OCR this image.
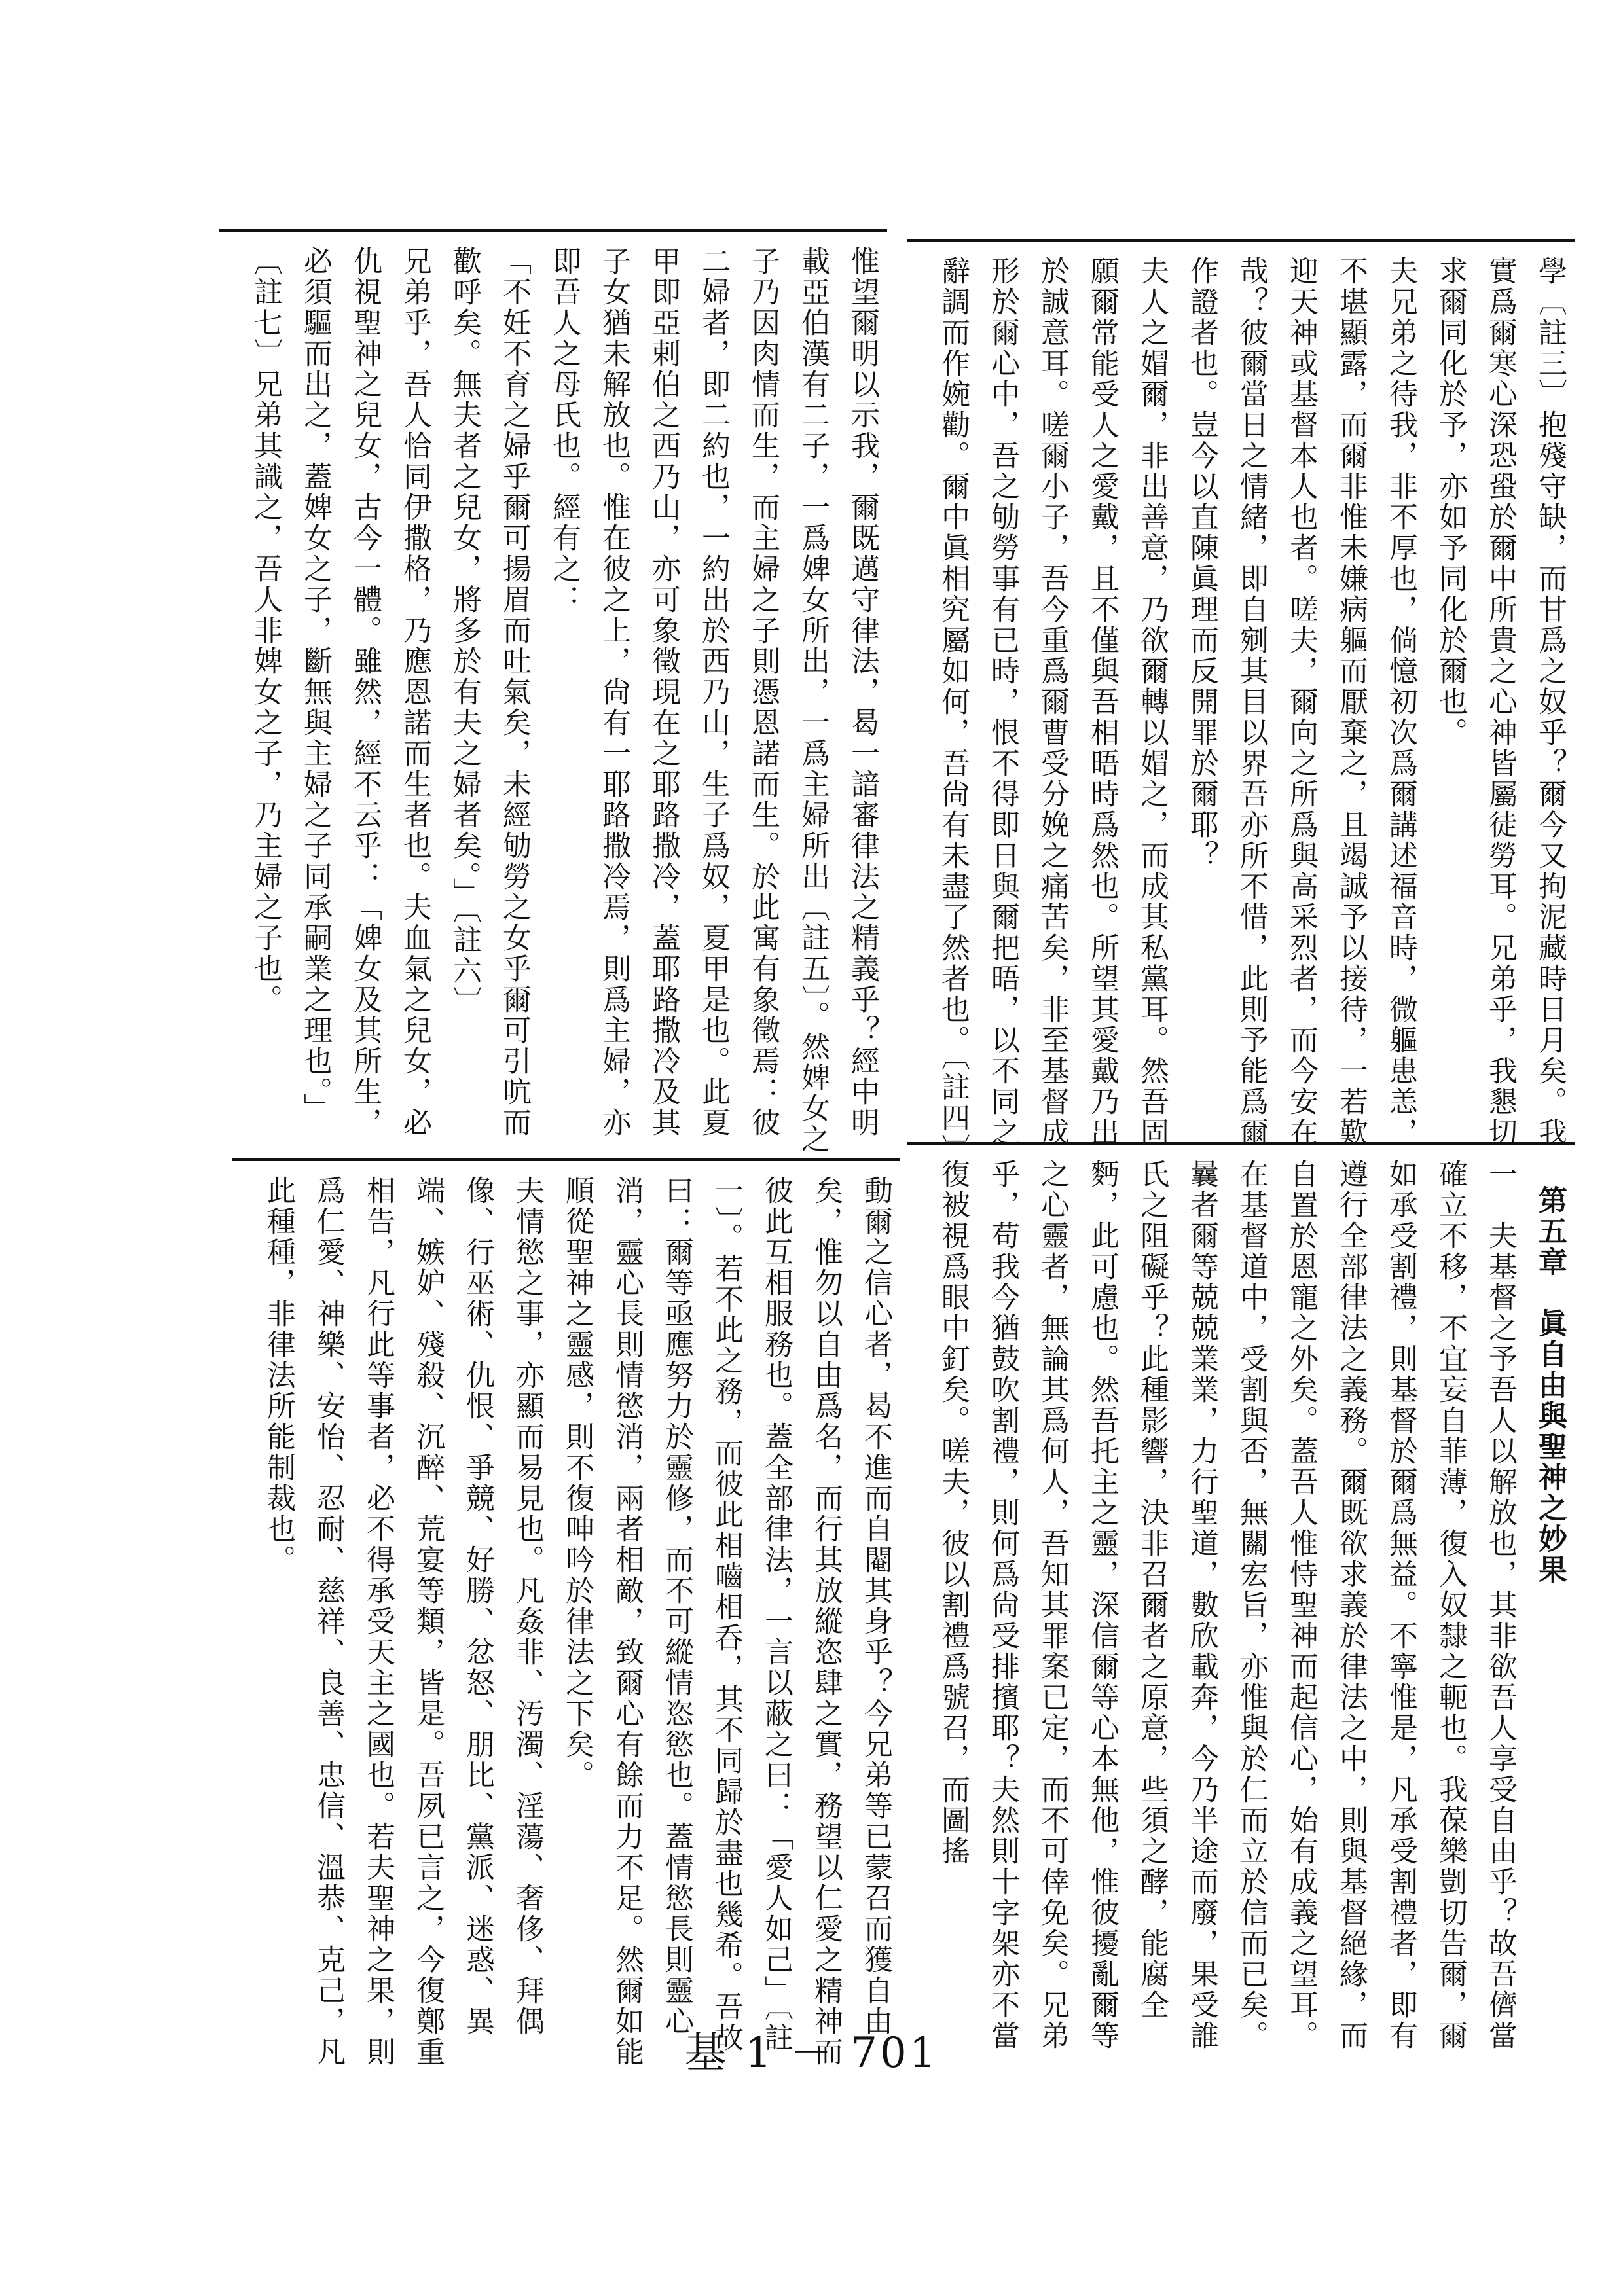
學〔註三〕抱殘守缺，而甘爲之奴乎？爾今又拘泥藏時日月矣。我實爲爾寒心深恐蛩於爾中所貴之心神皆屬徒勞耳。兄弟乎，我懇切求爾同化於予，亦如予同化於爾也。

夫兄弟之待我，非不厚也，倘憶初次爲爾講述福音時，微軀患恙，不堪顯露，而爾非惟未嫌病軀而厭棄之，且竭誠予以接待，一若歎迎天神或基督本人也者。嗟夫，爾向之所爲與高采烈者，而今安在哉？彼爾當日之情緒，即自剜其目以界吾亦所不惜，此則予能爲爾作證者也。豈今以直陳眞理而反開罪於爾耶？

夫人之媢爾，非出善意，乃欲爾轉以媢之，而成其私黨耳。然吾固願爾常能受人之愛戴，且不僅與吾相晤時爲然也。所望其愛戴乃出於誠意耳。嗟爾小子，吾今重爲爾曹受分娩之痛苦矣，非至基督成形於爾心中，吾之劬勞事有已時，恨不得即日與爾把晤，以不同之辭調而作婉勸。爾中眞相究屬如何，吾尙有未盡了然者也。〔註四〕

惟望爾明以示我，爾既邁守律法，曷一諳審律法之精義乎？經中明載亞伯漢有二子，一爲婢女所出，一爲主婦所出〔註五〕。然婢女之子乃因肉情而生，而主婦之子則憑恩諾而生。於此寓有象徵焉：彼二婦者，即二約也，一約出於西乃山，生子爲奴，夏甲是也。此夏甲即亞剌伯之西乃山，亦可象徵現在之耶路撒冷，蓋耶路撒冷及其子女猶未解放也。惟在彼之上，尙有一耶路撒冷焉，則爲主婦，亦即吾人之母氏也。經有之：

「不妊不育之婦乎爾可揚眉而吐氣矣，未經劬勞之女乎爾可引吭而歡呼矣。無夫者之兒女，將多於有夫之婦者矣。」〔註六〕

兄弟乎，吾人恰同伊撒格，乃應恩諾而生者也。夫血氣之兒女，必仇視聖神之兒女，古今一體。雖然，經不云乎：「婢女及其所生，必須驅而出之，蓋婢女之子，斷無與主婦之子同承嗣業之理也。」〔註七〕兄弟其識之，吾人非婢女之子，乃主婦之子也。

第五章　眞自由與聖神之妙果

一　夫基督之予吾人以解放也，其非欲吾人享受自由乎？故吾儕當確立不移，不宜妄自菲薄，復入奴隸之軛也。我葆樂剴切告爾，爾如承受割禮，則基督於爾爲無益。不寧惟是，凡承受割禮者，即有遵行全部律法之義務。爾既欲求義於律法之中，則與基督絕緣，而自置於恩寵之外矣。蓋吾人惟恃聖神而起信心，始有成義之望耳。在基督道中，受割與否，無關宏旨，亦惟與於仁而立於信而已矣。曩者爾等兢兢業業，力行聖道，數欣載奔，今乃半途而廢，果受誰氏之阻礙乎？此種影響，決非召爾者之原意，些須之酵，能腐全麪，此可慮也。然吾托主之靈，深信爾等心本無他，惟彼擾亂爾等之心靈者，無論其爲何人，吾知其罪案已定，而不可倖免矣。兄弟乎，苟我今猶鼓吹割禮，則何爲尙受排擯耶？夫然則十字架亦不當復被視爲眼中釘矣。嗟夫，彼以割禮爲號召，而圖搖

動爾之信心者，曷不進而自閹其身乎？今兄弟等已蒙召而獲自由矣，惟勿以自由爲名，而行其放縱恣肆之實，務望以仁愛之精神而彼此互相服務也。蓋全部律法，一言以蔽之曰：「愛人如己」〔註一〕。若不此之務，而彼此相嚙相呑，其不同歸於盡也幾希。吾故曰：爾等亟應努力於靈修，而不可縱情恣慾也。蓋情慾長則靈心消，靈心長則情慾消，兩者相敵，致爾心有餘而力不足。然爾如能順從聖神之靈感，則不復呻吟於律法之下矣。

夫情慾之事，亦顯而易見也。凡姦非、汚濁、淫蕩、奢侈、拜偶像、行巫術、仇恨、爭競、好勝、忿怒、朋比、黨派、迷惑、異端、嫉妒、殘殺、沉醉、荒宴等類，皆是。吾夙已言之，今復鄭重相告，凡行此等事者，必不得承受天主之國也。若夫聖神之果，則爲仁愛、神樂、安怡、忍耐、慈祥、良善、忠信、溫恭、克己，凡此種種，非律法所能制裁也。

基 1 － 701
